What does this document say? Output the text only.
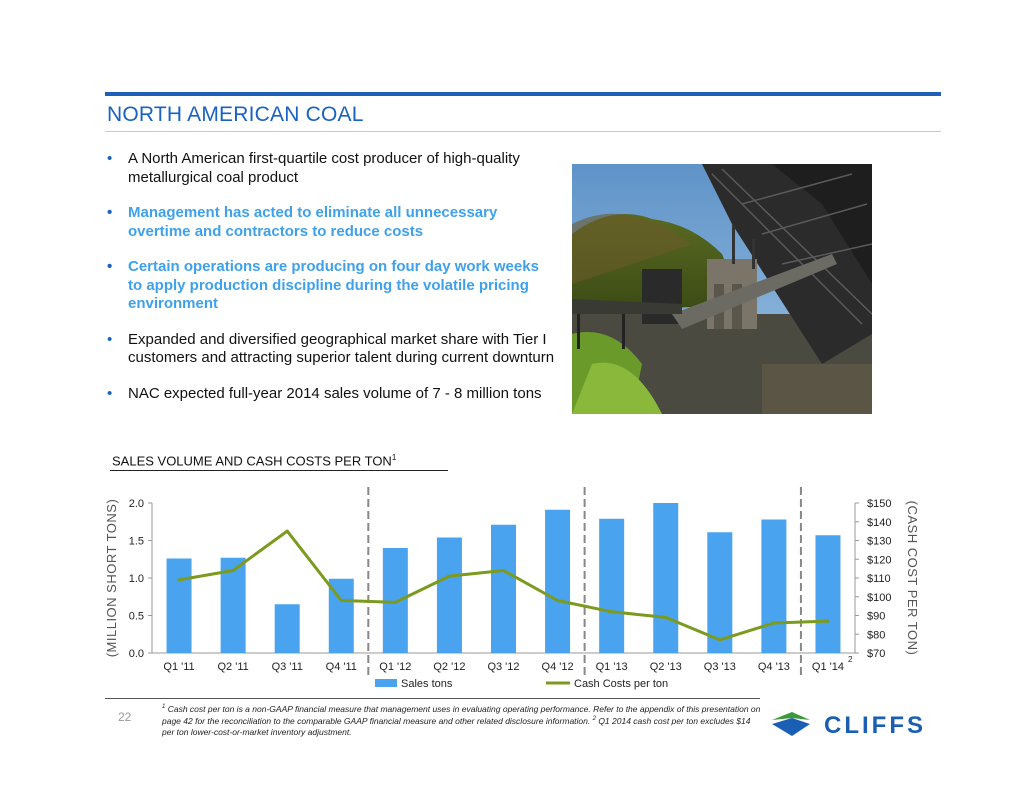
NORTH AMERICAN COAL
• A North American first-quartile cost producer of high-quality metallurgical coal product
• Management has acted to eliminate all unnecessary overtime and contractors to reduce costs
• Certain operations are producing on four day work weeks to apply production discipline during the volatile pricing environment
• Expanded and diversified geographical market share with Tier I customers and attracting superior talent during current downturn
• NAC expected full-year 2014 sales volume of 7 - 8 million tons
SALES VOLUME AND CASH COSTS PER TON$^1$
0.0
0.5
1.0
1.5
2.0
$70
$80
$90
$100
$110
$120
$130
$140
$150
(MILLION SHORT TONS)	(CASH COST PER TON)
Q1 '11 Q2 '11 Q3 '11 Q4 '11 Q1 '12 Q2 '12 Q3 '12 Q4 '12 Q1 '13 Q2 '13 Q3 '13 Q4 '13 Q1 '14
2
Sales tons	Cash Costs per ton
22
$^1$ Cash cost per ton is a non-GAAP financial measure that management uses in evaluating operating performance. Refer to the appendix of this presentation on page 42 for the reconciliation to the comparable GAAP financial measure and other related disclosure information. $^2$ Q1 2014 cash cost per ton excludes $14 per ton lower-cost-or-market inventory adjustment.	CLIFFS
